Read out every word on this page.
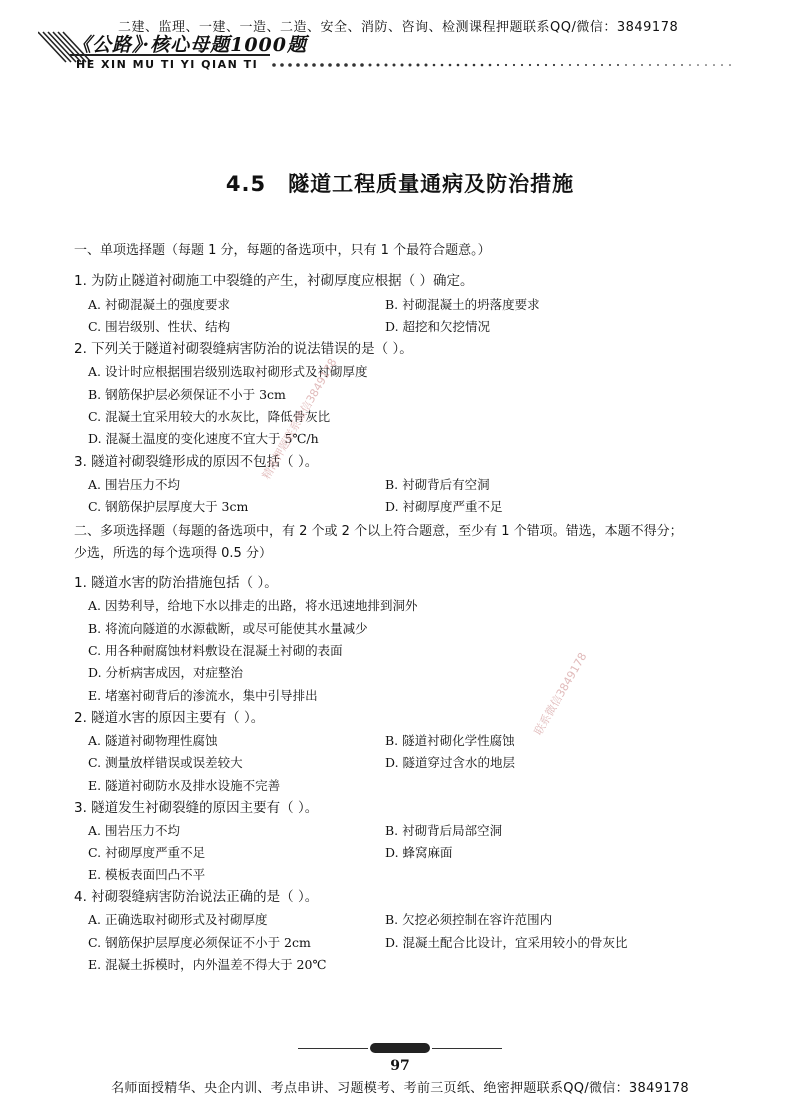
二建、监理、一建、一造、二造、安全、消防、咨询、检测课程押题联系QQ/微信：3849178
《公路》·核心母题1000题
HE XIN MU TI YI QIAN TI
4.5 隧道工程质量通病及防治措施
一、单项选择题（每题 1 分，每题的备选项中，只有 1 个最符合题意。）
1. 为防止隧道衬砌施工中裂缝的产生，衬砌厚度应根据（ ）确定。
A. 衬砌混凝土的强度要求	B. 衬砌混凝土的坍落度要求
C. 围岩级别、性状、结构	D. 超挖和欠挖情况
2. 下列关于隧道衬砌裂缝病害防治的说法错误的是（ ）。
A. 设计时应根据围岩级别选取衬砌形式及衬砌厚度
B. 钢筋保护层必须保证不小于 3cm
C. 混凝土宜采用较大的水灰比，降低骨灰比
D. 混凝土温度的变化速度不宜大于 5℃/h
3. 隧道衬砌裂缝形成的原因不包括（ ）。
A. 围岩压力不均	B. 衬砌背后有空洞
C. 钢筋保护层厚度大于 3cm	D. 衬砌厚度严重不足
二、多项选择题（每题的备选项中，有 2 个或 2 个以上符合题意，至少有 1 个错项。错选，本题不得分；
少选，所选的每个选项得 0.5 分）
1. 隧道水害的防治措施包括（ ）。
A. 因势利导，给地下水以排走的出路，将水迅速地排到洞外
B. 将流向隧道的水源截断，或尽可能使其水量减少
C. 用各种耐腐蚀材料敷设在混凝土衬砌的表面
D. 分析病害成因，对症整治
E. 堵塞衬砌背后的渗流水，集中引导排出
2. 隧道水害的原因主要有（ ）。
A. 隧道衬砌物理性腐蚀	B. 隧道衬砌化学性腐蚀
C. 测量放样错误或误差较大	D. 隧道穿过含水的地层
E. 隧道衬砌防水及排水设施不完善
3. 隧道发生衬砌裂缝的原因主要有（ ）。
A. 围岩压力不均	B. 衬砌背后局部空洞
C. 衬砌厚度严重不足	D. 蜂窝麻面
E. 模板表面凹凸不平
4. 衬砌裂缝病害防治说法正确的是（ ）。
A. 正确选取衬砌形式及衬砌厚度	B. 欠挖必须控制在容许范围内
C. 钢筋保护层厚度必须保证不小于 2cm	D. 混凝土配合比设计，宜采用较小的骨灰比
E. 混凝土拆模时，内外温差不得大于 20℃
精准押题联系微信3849178
联系微信3849178
97
名师面授精华、央企内训、考点串讲、习题模考、考前三页纸、绝密押题联系QQ/微信：3849178
